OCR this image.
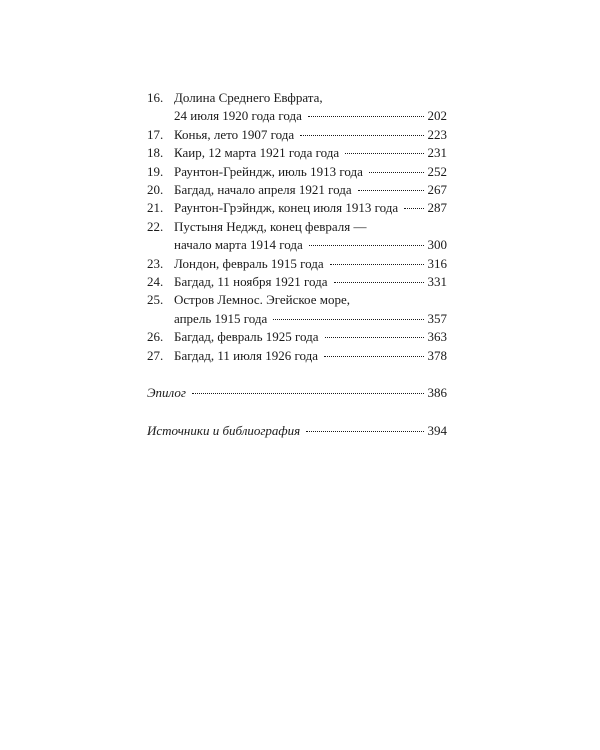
16. Долина Среднего Евфрата,
24 июля 1920 года года	202
17. Конья, лето 1907 года	223
18. Каир, 12 марта 1921 года года	231
19. Раунтон-Грейндж, июль 1913 года	252
20. Багдад, начало апреля 1921 года	267
21. Раунтон-Грэйндж, конец июля 1913 года 287
22. Пустыня Неджд, конец февраля —
начало марта 1914 года	300
23. Лондон, февраль 1915 года	316
24. Багдад, 11 ноября 1921 года	331
25. Остров Лемнос. Эгейское море,
апрель 1915 года	357
26. Багдад, февраль 1925 года	363
27. Багдад, 11 июля 1926 года	378
Эпилог	386
Источники и библиография	394
